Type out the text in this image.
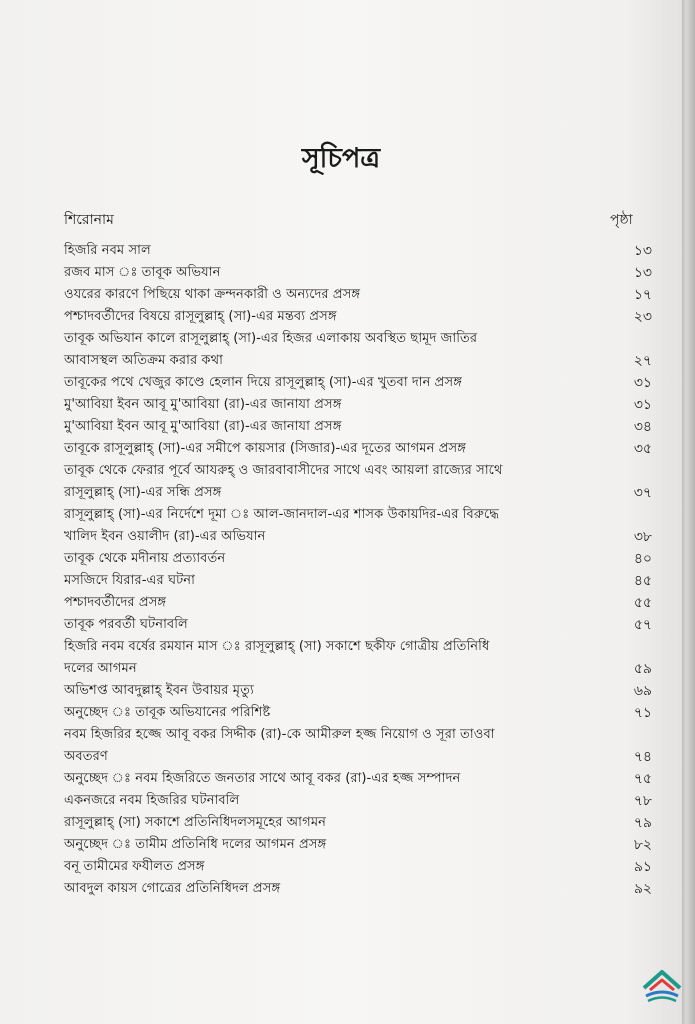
সূচিপত্র
শিরোনাম	পৃষ্ঠা
হিজরি নবম সাল	১৩
রজব মাস ঃ তাবূক অভিযান	১৩
ওযরের কারণে পিছিয়ে থাকা ক্রন্দনকারী ও অন্যদের প্রসঙ্গ	১৭
পশ্চাদবর্তীদের বিষয়ে রাসূলুল্লাহ্ (সা)-এর মন্তব্য প্রসঙ্গ	২৩
তাবূক অভিযান কালে রাসূলুল্লাহ্ (সা)-এর হিজর এলাকায় অবস্থিত ছামূদ জাতির
আবাসস্থল অতিক্রম করার কথা	২৭
তাবূকের পথে খেজুর কাণ্ডে হেলান দিয়ে রাসূলুল্লাহ্ (সা)-এর খুতবা দান প্রসঙ্গ	৩১
মু'আবিয়া ইবন আবূ মু'আবিয়া (রা)-এর জানাযা প্রসঙ্গ	৩১
মু'আবিয়া ইবন আবূ মু'আবিয়া (রা)-এর জানাযা প্রসঙ্গ	৩৪
তাবূকে রাসূলুল্লাহ্ (সা)-এর সমীপে কায়সার (সিজার)-এর দূতের আগমন প্রসঙ্গ	৩৫
তাবূক থেকে ফেরার পূর্বে আযরুহ্ ও জারবাবাসীদের সাথে এবং আয়লা রাজ্যের সাথে
রাসূলুল্লাহ্ (সা)-এর সন্ধি প্রসঙ্গ	৩৭
রাসূলুল্লাহ্ (সা)-এর নির্দেশে দূমা ঃ আল-জানদাল-এর শাসক উকায়দির-এর বিরুদ্ধে
খালিদ ইবন ওয়ালীদ (রা)-এর অভিযান	৩৮
তাবূক থেকে মদীনায় প্রত্যাবর্তন	৪০
মসজিদে যিরার-এর ঘটনা	৪৫
পশ্চাদবর্তীদের প্রসঙ্গ	৫৫
তাবূক পরবর্তী ঘটনাবলি	৫৭
হিজরি নবম বর্ষের রমযান মাস ঃ রাসূলুল্লাহ্ (সা) সকাশে ছকীফ গোত্রীয় প্রতিনিধি
দলের আগমন	৫৯
অভিশপ্ত আবদুল্লাহ্ ইবন উবায়র মৃত্যু	৬৯
অনুচ্ছেদ ঃ তাবূক অভিযানের পরিশিষ্ট	৭১
নবম হিজরির হজ্জে আবূ বকর সিদ্দীক (রা)-কে আমীরুল হজ্জ নিয়োগ ও সূরা তাওবা
অবতরণ	৭৪
অনুচ্ছেদ ঃ নবম হিজরিতে জনতার সাথে আবূ বকর (রা)-এর হজ্জ সম্পাদন	৭৫
একনজরে নবম হিজরির ঘটনাবলি	৭৮
রাসূলুল্লাহ্ (সা) সকাশে প্রতিনিধিদলসমূহের আগমন	৭৯
অনুচ্ছেদ ঃ তামীম প্রতিনিধি দলের আগমন প্রসঙ্গ	৮২
বনূ তামীমের ফযীলত প্রসঙ্গ	৯১
আবদুল কায়স গোত্রের প্রতিনিধিদল প্রসঙ্গ	৯২
